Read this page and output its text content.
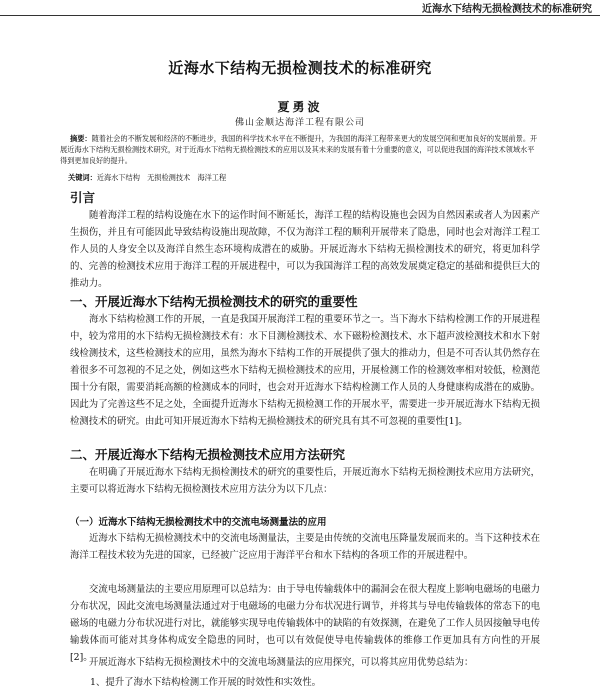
近海水下结构无损检测技术的标准研究
近海水下结构无损检测技术的标准研究
夏勇波
佛山金顺达海洋工程有限公司
摘要：随着社会的不断发展和经济的不断进步，我国的科学技术水平在不断提升，为我国的海洋工程带来更大的发展空间和更加良好的发展前景。开展近海水下结构无损检测技术研究，对于近海水下结构无损检测技术的应用以及其未来的发展有着十分重要的意义，可以促进我国的海洋技术领域水平得到更加良好的提升。
关键词：近海水下结构　无损检测技术　海洋工程
引言

随着海洋工程的结构设施在水下的运作时间不断延长，海洋工程的结构设施也会因为自然因素或者人为因素产生损伤，并且有可能因此导致结构设施出现故障，不仅为海洋工程的顺利开展带来了隐患，同时也会对海洋工程工作人员的人身安全以及海洋自然生态环境构成潜在的威胁。开展近海水下结构无损检测技术的研究，将更加科学的、完善的检测技术应用于海洋工程的开展进程中，可以为我国海洋工程的高效发展奠定稳定的基础和提供巨大的推动力。

一、开展近海水下结构无损检测技术的研究的重要性

海水下结构检测工作的开展，一直是我国开展海洋工程的重要环节之一。当下海水下结构检测工作的开展进程中，较为常用的水下结构无损检测技术有：水下目测检测技术、水下磁粉检测技术、水下超声波检测技术和水下射线检测技术，这些检测技术的应用，虽然为海水下结构工作的开展提供了强大的推动力，但是不可否认其仍然存在着很多不可忽视的不足之处，例如这些水下结构无损检测技术的应用，开展检测工作的检测效率相对较低，检测范围十分有限，需要消耗高额的检测成本的同时，也会对开近海水下结构检测工作人员的人身健康构成潜在的威胁。因此为了完善这些不足之处，全面提升近海水下结构无损检测工作的开展水平，需要进一步开展近海水下结构无损检测技术的研究。由此可知开展近海水下结构无损检测技术的研究具有其不可忽视的重要性[1]。

二、开展近海水下结构无损检测技术应用方法研究

在明确了开展近海水下结构无损检测技术的研究的重要性后，开展近海水下结构无损检测技术应用方法研究，主要可以将近海水下结构无损检测技术应用方法分为以下几点：

（一）近海水下结构无损检测技术中的交流电场测量法的应用

近海水下结构无损检测技术中的交流电场测量法，主要是由传统的交流电压降量发展而来的。当下这种技术在海洋工程技术较为先进的国家，已经被广泛应用于海洋平台和水下结构的各项工作的开展进程中。

交流电场测量法的主要应用原理可以总结为：由于导电传输载体中的漏洞会在很大程度上影响电磁场的电磁力分布状况，因此交流电场测量法通过对于电磁场的电磁力分布状况进行调节，并将其与导电传输载体的常态下的电磁场的电磁力分布状况进行对比，就能够实现导电传输载体中的缺陷的有效探测，在避免了工作人员因接触导电传输载体而可能对其身体构成安全隐患的同时，也可以有效促使导电传输载体的维修工作更加具有方向性的开展[2]。

开展近海水下结构无损检测技术中的交流电场测量法的应用探究，可以将其应用优势总结为：

1、提升了海水下结构检测工作开展的时效性和实效性。
